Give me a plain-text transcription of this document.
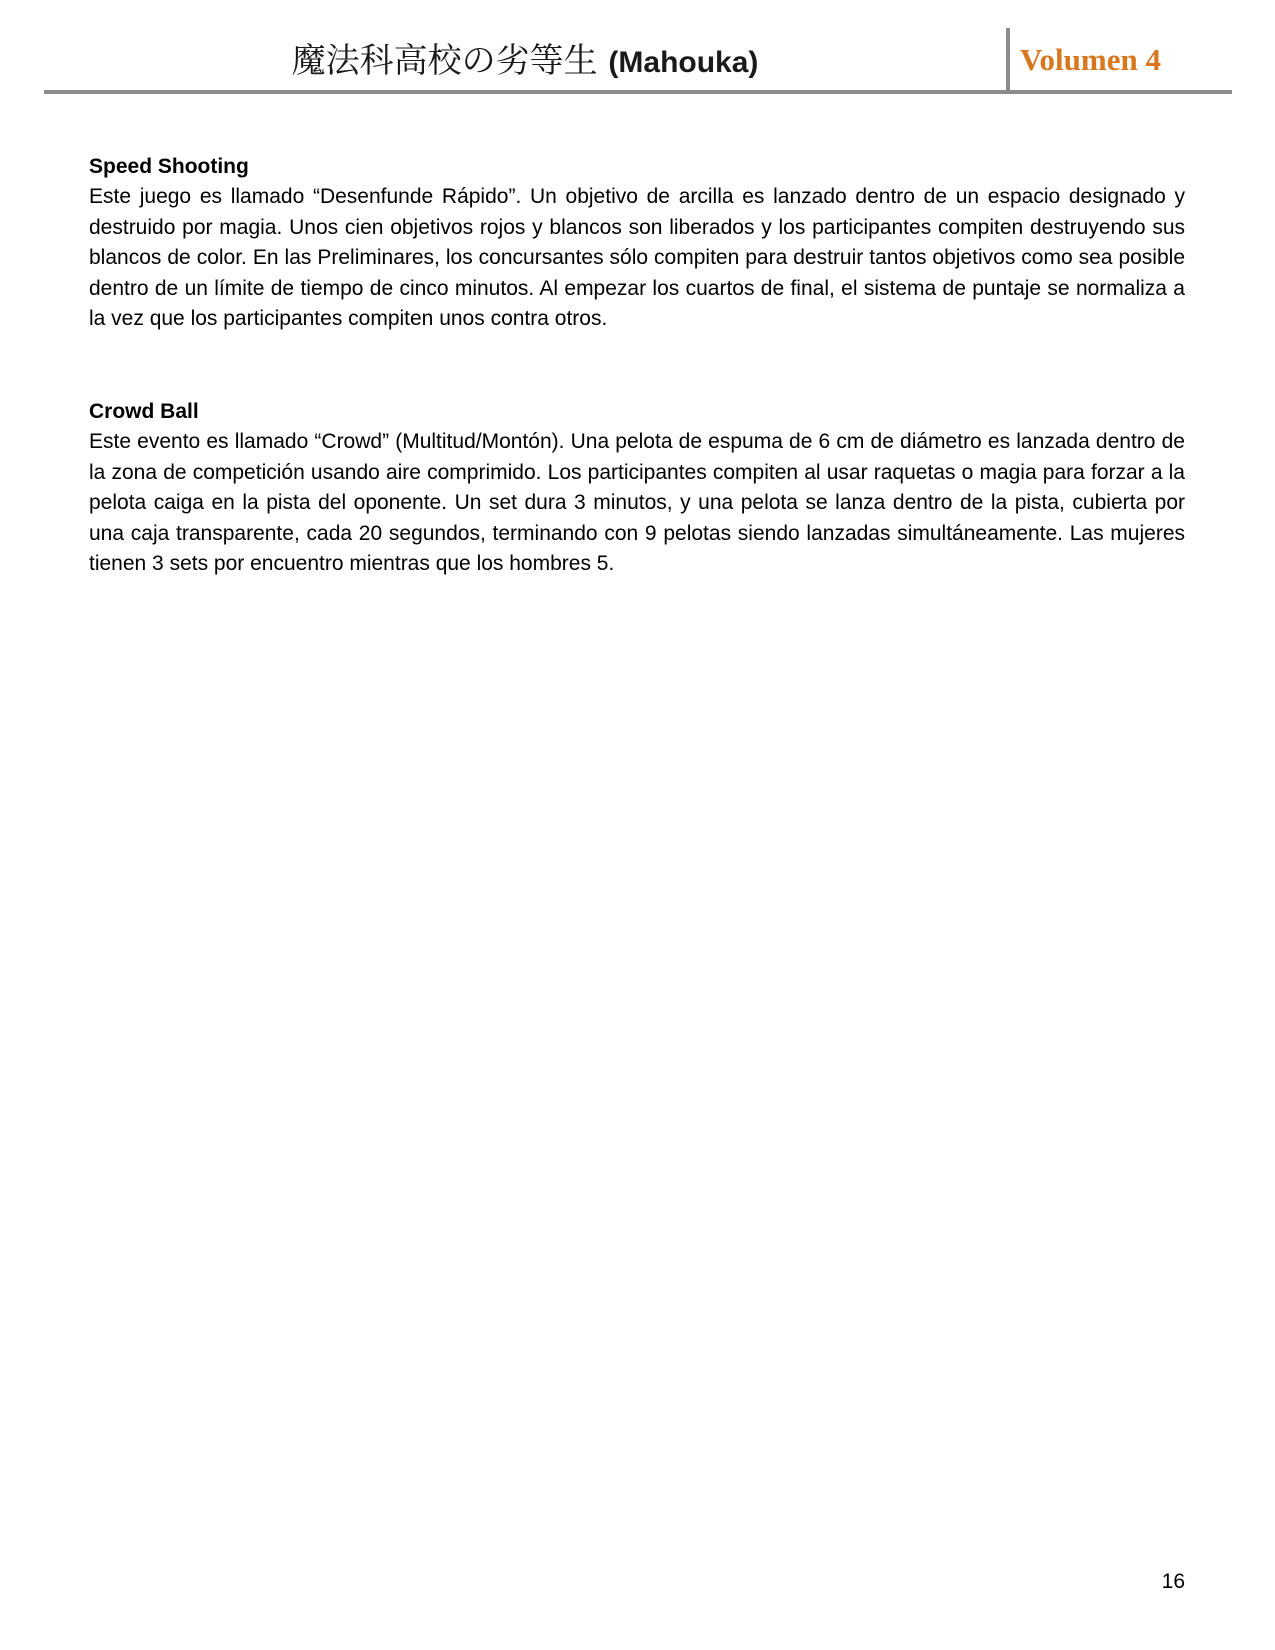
魔法科高校の劣等生 (Mahouka)	Volumen 4

Speed Shooting

Este juego es llamado “Desenfunde Rápido”. Un objetivo de arcilla es lanzado dentro de un espacio designado y destruido por magia. Unos cien objetivos rojos y blancos son liberados y los participantes compiten destruyendo sus blancos de color. En las Preliminares, los concursantes sólo compiten para destruir tantos objetivos como sea posible dentro de un límite de tiempo de cinco minutos. Al empezar los cuartos de final, el sistema de puntaje se normaliza a la vez que los participantes compiten unos contra otros.

Crowd Ball

Este evento es llamado “Crowd” (Multitud/Montón). Una pelota de espuma de 6 cm de diámetro es lanzada dentro de la zona de competición usando aire comprimido. Los participantes compiten al usar raquetas o magia para forzar a la pelota caiga en la pista del oponente. Un set dura 3 minutos, y una pelota se lanza dentro de la pista, cubierta por una caja transparente, cada 20 segundos, terminando con 9 pelotas siendo lanzadas simultáneamente. Las mujeres tienen 3 sets por encuentro mientras que los hombres 5.

16
